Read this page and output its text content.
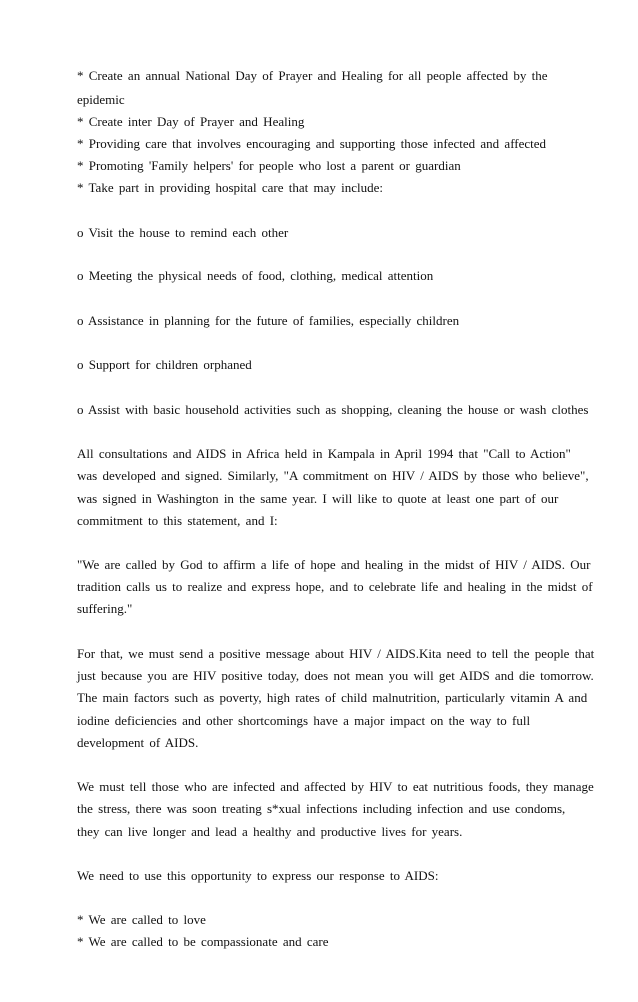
* Create an annual National Day of Prayer and Healing for all people affected by the
epidemic
* Create inter Day of Prayer and Healing
* Providing care that involves encouraging and supporting those infected and affected
* Promoting 'Family helpers' for people who lost a parent or guardian
* Take part in providing hospital care that may include:
o Visit the house to remind each other
o Meeting the physical needs of food, clothing, medical attention
o Assistance in planning for the future of families, especially children
o Support for children orphaned
o Assist with basic household activities such as shopping, cleaning the house or wash clothes
All consultations and AIDS in Africa held in Kampala in April 1994 that "Call to Action"
was developed and signed. Similarly, "A commitment on HIV / AIDS by those who believe",
was signed in Washington in the same year. I will like to quote at least one part of our
commitment to this statement, and I:
"We are called by God to affirm a life of hope and healing in the midst of HIV / AIDS. Our
tradition calls us to realize and express hope, and to celebrate life and healing in the midst of
suffering."
For that, we must send a positive message about HIV / AIDS.Kita need to tell the people that
just because you are HIV positive today, does not mean you will get AIDS and die tomorrow.
The main factors such as poverty, high rates of child malnutrition, particularly vitamin A and
iodine deficiencies and other shortcomings have a major impact on the way to full
development of AIDS.
We must tell those who are infected and affected by HIV to eat nutritious foods, they manage
the stress, there was soon treating s*xual infections including infection and use condoms,
they can live longer and lead a healthy and productive lives for years.
We need to use this opportunity to express our response to AIDS:
* We are called to love
* We are called to be compassionate and care
